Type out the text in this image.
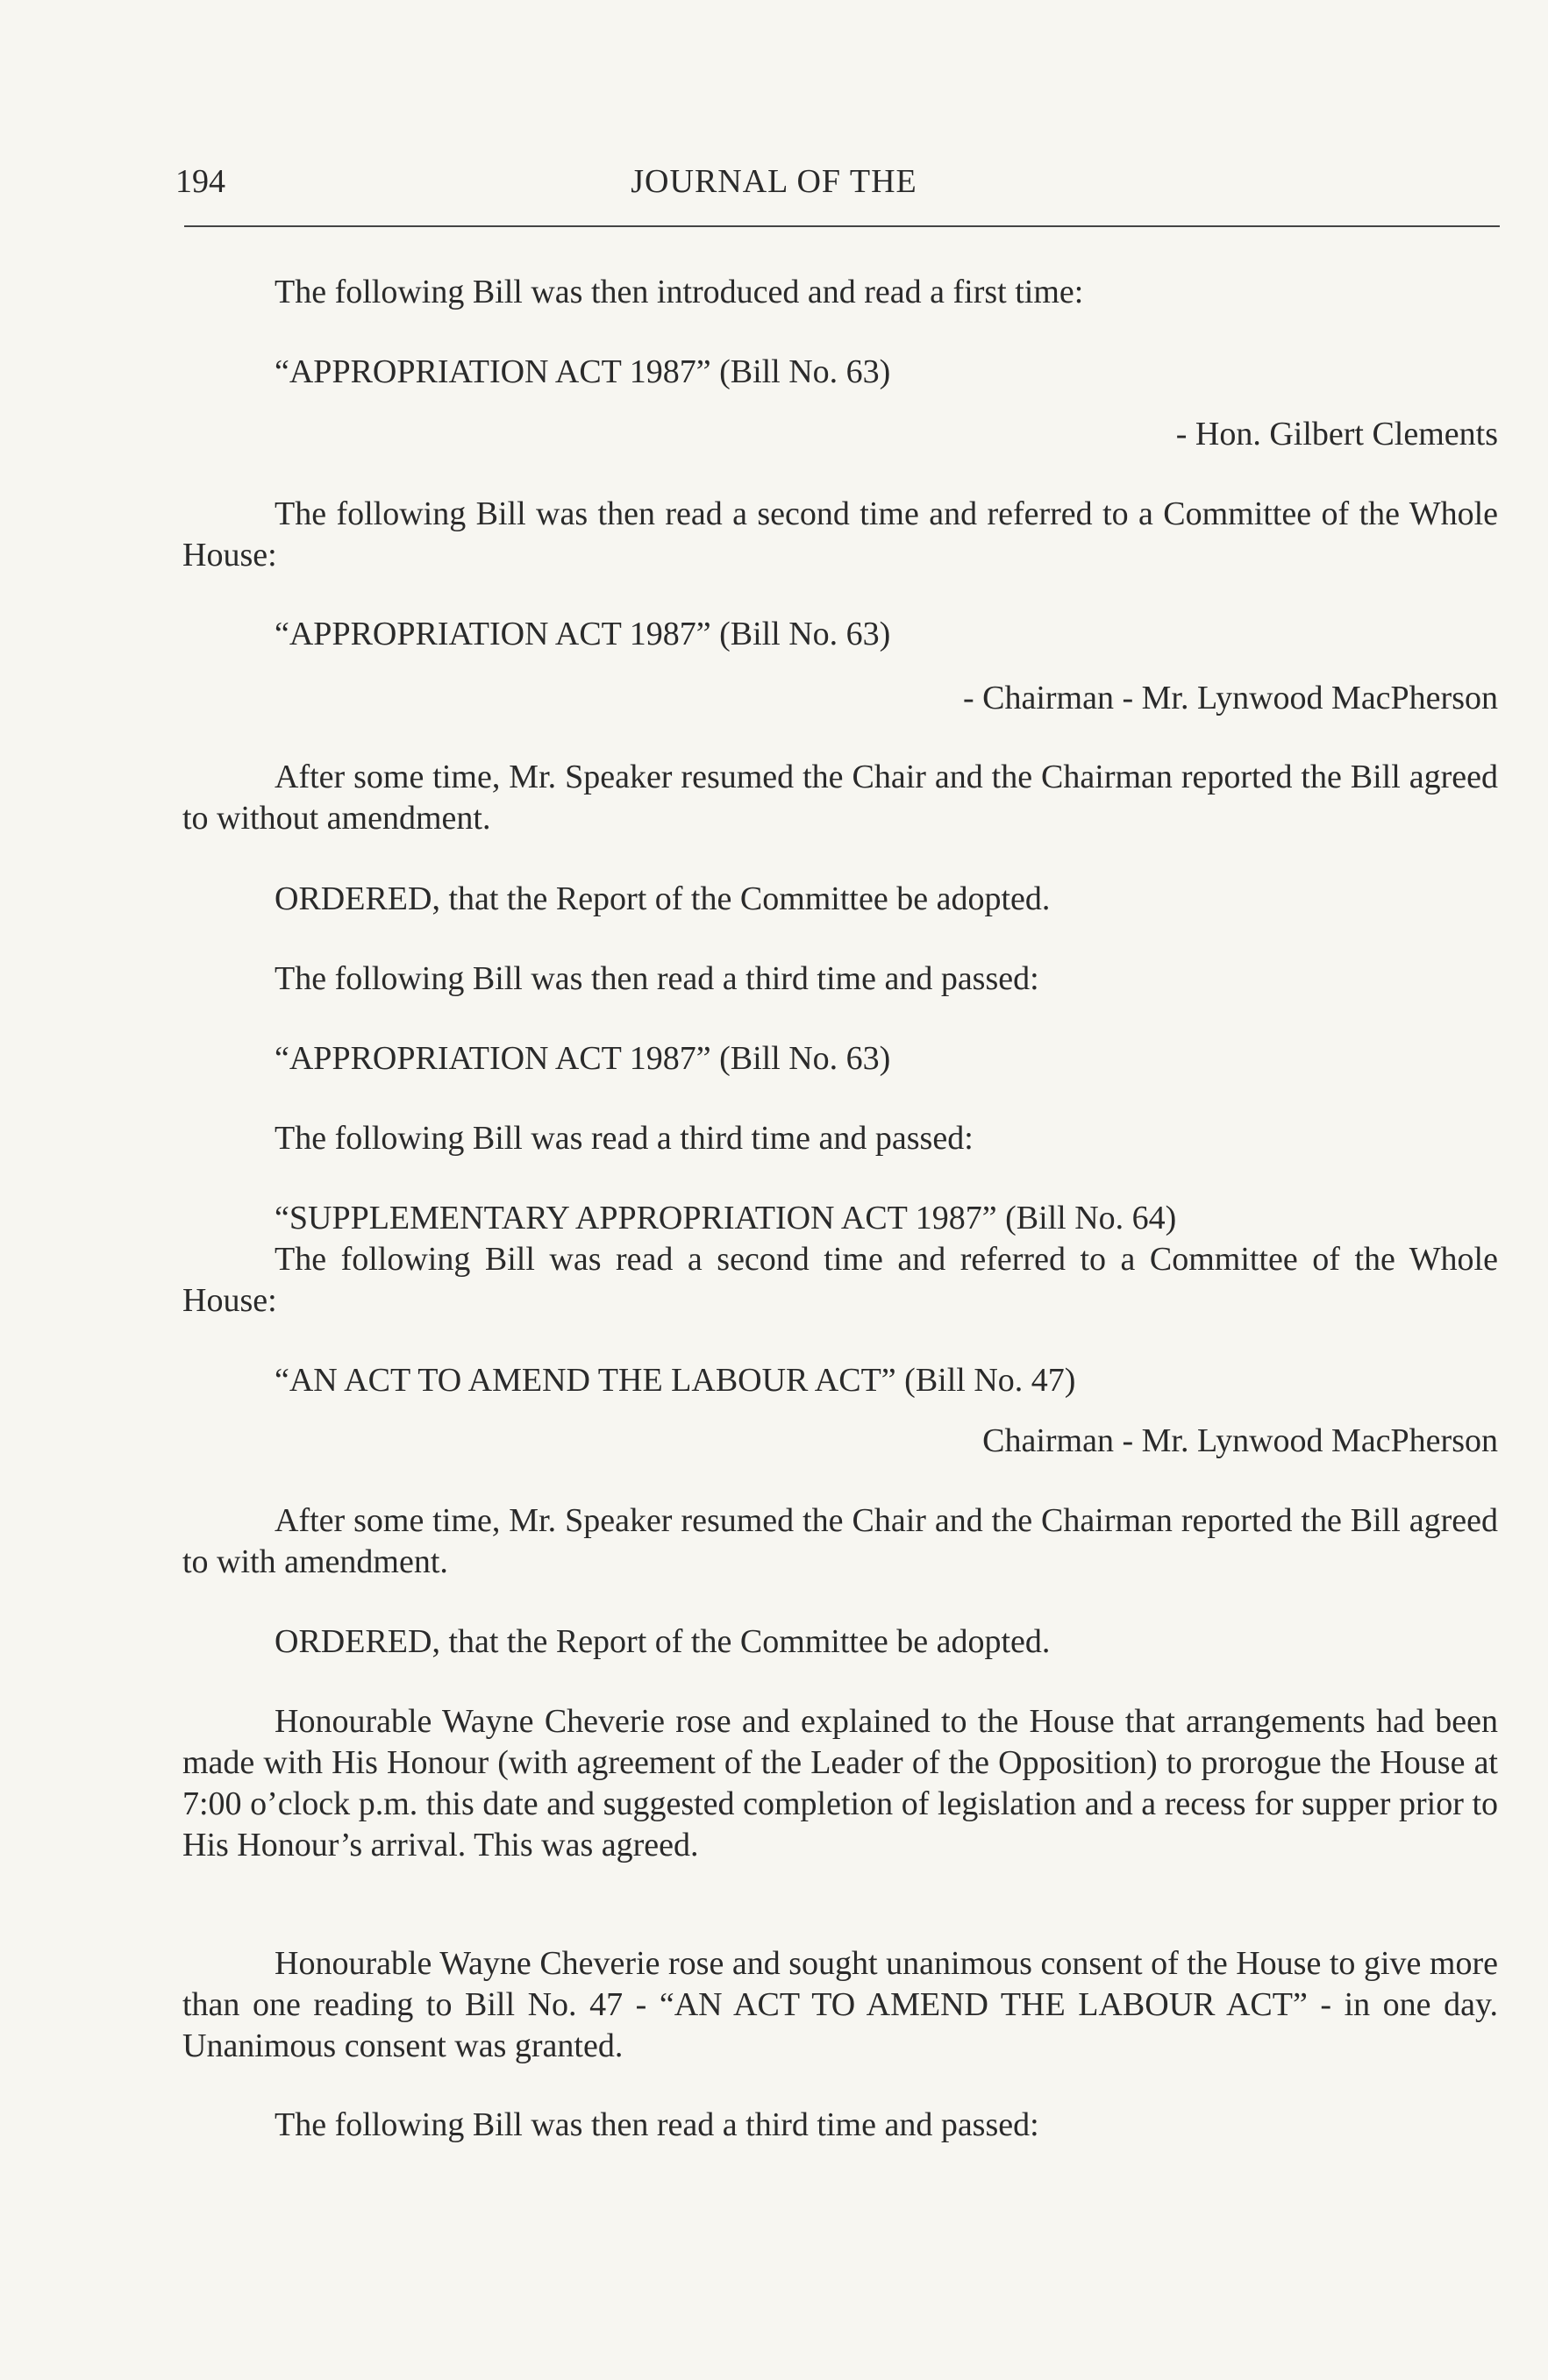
194	JOURNAL OF THE

The following Bill was then introduced and read a first time:

“APPROPRIATION ACT 1987” (Bill No. 63)

- Hon. Gilbert Clements

The following Bill was then read a second time and referred to a Committee of the Whole House:

“APPROPRIATION ACT 1987” (Bill No. 63)

- Chairman - Mr. Lynwood MacPherson

After some time, Mr. Speaker resumed the Chair and the Chairman reported the Bill agreed to without amendment.

ORDERED, that the Report of the Committee be adopted.

The following Bill was then read a third time and passed:

“APPROPRIATION ACT 1987” (Bill No. 63)

The following Bill was read a third time and passed:

“SUPPLEMENTARY APPROPRIATION ACT 1987” (Bill No. 64)

The following Bill was read a second time and referred to a Committee of the Whole House:

“AN ACT TO AMEND THE LABOUR ACT” (Bill No. 47)

Chairman - Mr. Lynwood MacPherson

After some time, Mr. Speaker resumed the Chair and the Chairman reported the Bill agreed to with amendment.

ORDERED, that the Report of the Committee be adopted.

Honourable Wayne Cheverie rose and explained to the House that arrangements had been made with His Honour (with agreement of the Leader of the Opposition) to prorogue the House at 7:00 o’clock p.m. this date and suggested completion of legislation and a recess for supper prior to His Honour’s arrival. This was agreed.

Honourable Wayne Cheverie rose and sought unanimous consent of the House to give more than one reading to Bill No. 47 - “AN ACT TO AMEND THE LABOUR ACT” - in one day. Unanimous consent was granted.

The following Bill was then read a third time and passed:
